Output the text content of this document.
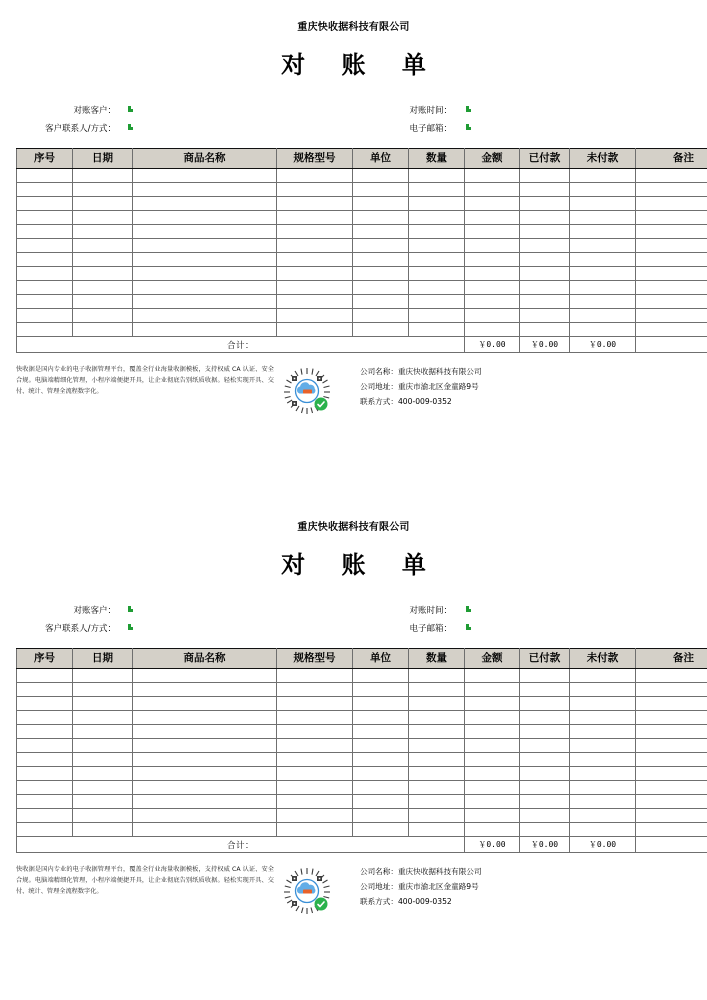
重庆快收据科技有限公司
对 账 单
对账客户：
客户联系人/方式：
对账时间：
电子邮箱：
序号	日期	商品名称	规格型号	单位	数量	金额	已付款	未付款	备注

合计：						￥0.00	￥0.00	￥0.00	
快收据是国内专业的电子收据管理平台，覆盖全行业海量收据模板，支持权威 CA 认证、安全合规。电脑端精细化管理，小程序端便捷开具，让企业彻底告别纸质收据。轻松实现开具、交付、统计、管理全流程数字化。
公司名称：重庆快收据科技有限公司
公司地址：重庆市渝北区金童路9号
联系方式：400-009-0352
重庆快收据科技有限公司
对 账 单
对账客户：
客户联系人/方式：
对账时间：
电子邮箱：
序号	日期	商品名称	规格型号	单位	数量	金额	已付款	未付款	备注

合计：						￥0.00	￥0.00	￥0.00	
快收据是国内专业的电子收据管理平台，覆盖全行业海量收据模板，支持权威 CA 认证、安全合规。电脑端精细化管理，小程序端便捷开具，让企业彻底告别纸质收据。轻松实现开具、交付、统计、管理全流程数字化。
公司名称：重庆快收据科技有限公司
公司地址：重庆市渝北区金童路9号
联系方式：400-009-0352
